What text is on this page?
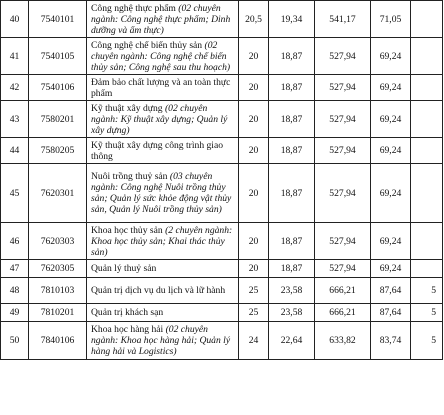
40	7540101	Công nghệ thực phẩm (02 chuyên ngành: Công nghệ thực phẩm; Dinh dưỡng và ẩm thực)	20,5	19,34	541,17	71,05	
41	7540105	Công nghệ chế biến thủy sản (02 chuyên ngành: Công nghệ chế biến thủy sản; Công nghệ sau thu hoạch)	20	18,87	527,94	69,24	
42	7540106	Đảm bảo chất lượng và an toàn thực phẩm	20	18,87	527,94	69,24	
43	7580201	Kỹ thuật xây dựng (02 chuyên ngành: Kỹ thuật xây dựng; Quản lý xây dựng)	20	18,87	527,94	69,24	
44	7580205	Kỹ thuật xây dựng công trình giao thông	20	18,87	527,94	69,24	
45	7620301	Nuôi trồng thuỷ sản (03 chuyên ngành: Công nghệ Nuôi trồng thủy sản; Quản lý sức khỏe động vật thủy sản, Quản lý Nuôi trồng thủy sản)	20	18,87	527,94	69,24	
46	7620303	Khoa học thủy sản (2 chuyên ngành: Khoa học thủy sản; Khai thác thủy sản)	20	18,87	527,94	69,24	
47	7620305	Quản lý thuỷ sản	20	18,87	527,94	69,24	
48	7810103	Quản trị dịch vụ du lịch và lữ hành	25	23,58	666,21	87,64	5
49	7810201	Quản trị khách sạn	25	23,58	666,21	87,64	5
50	7840106	Khoa học hàng hải (02 chuyên ngành: Khoa học hàng hải; Quản lý hàng hải và Logistics)	24	22,64	633,82	83,74	5
